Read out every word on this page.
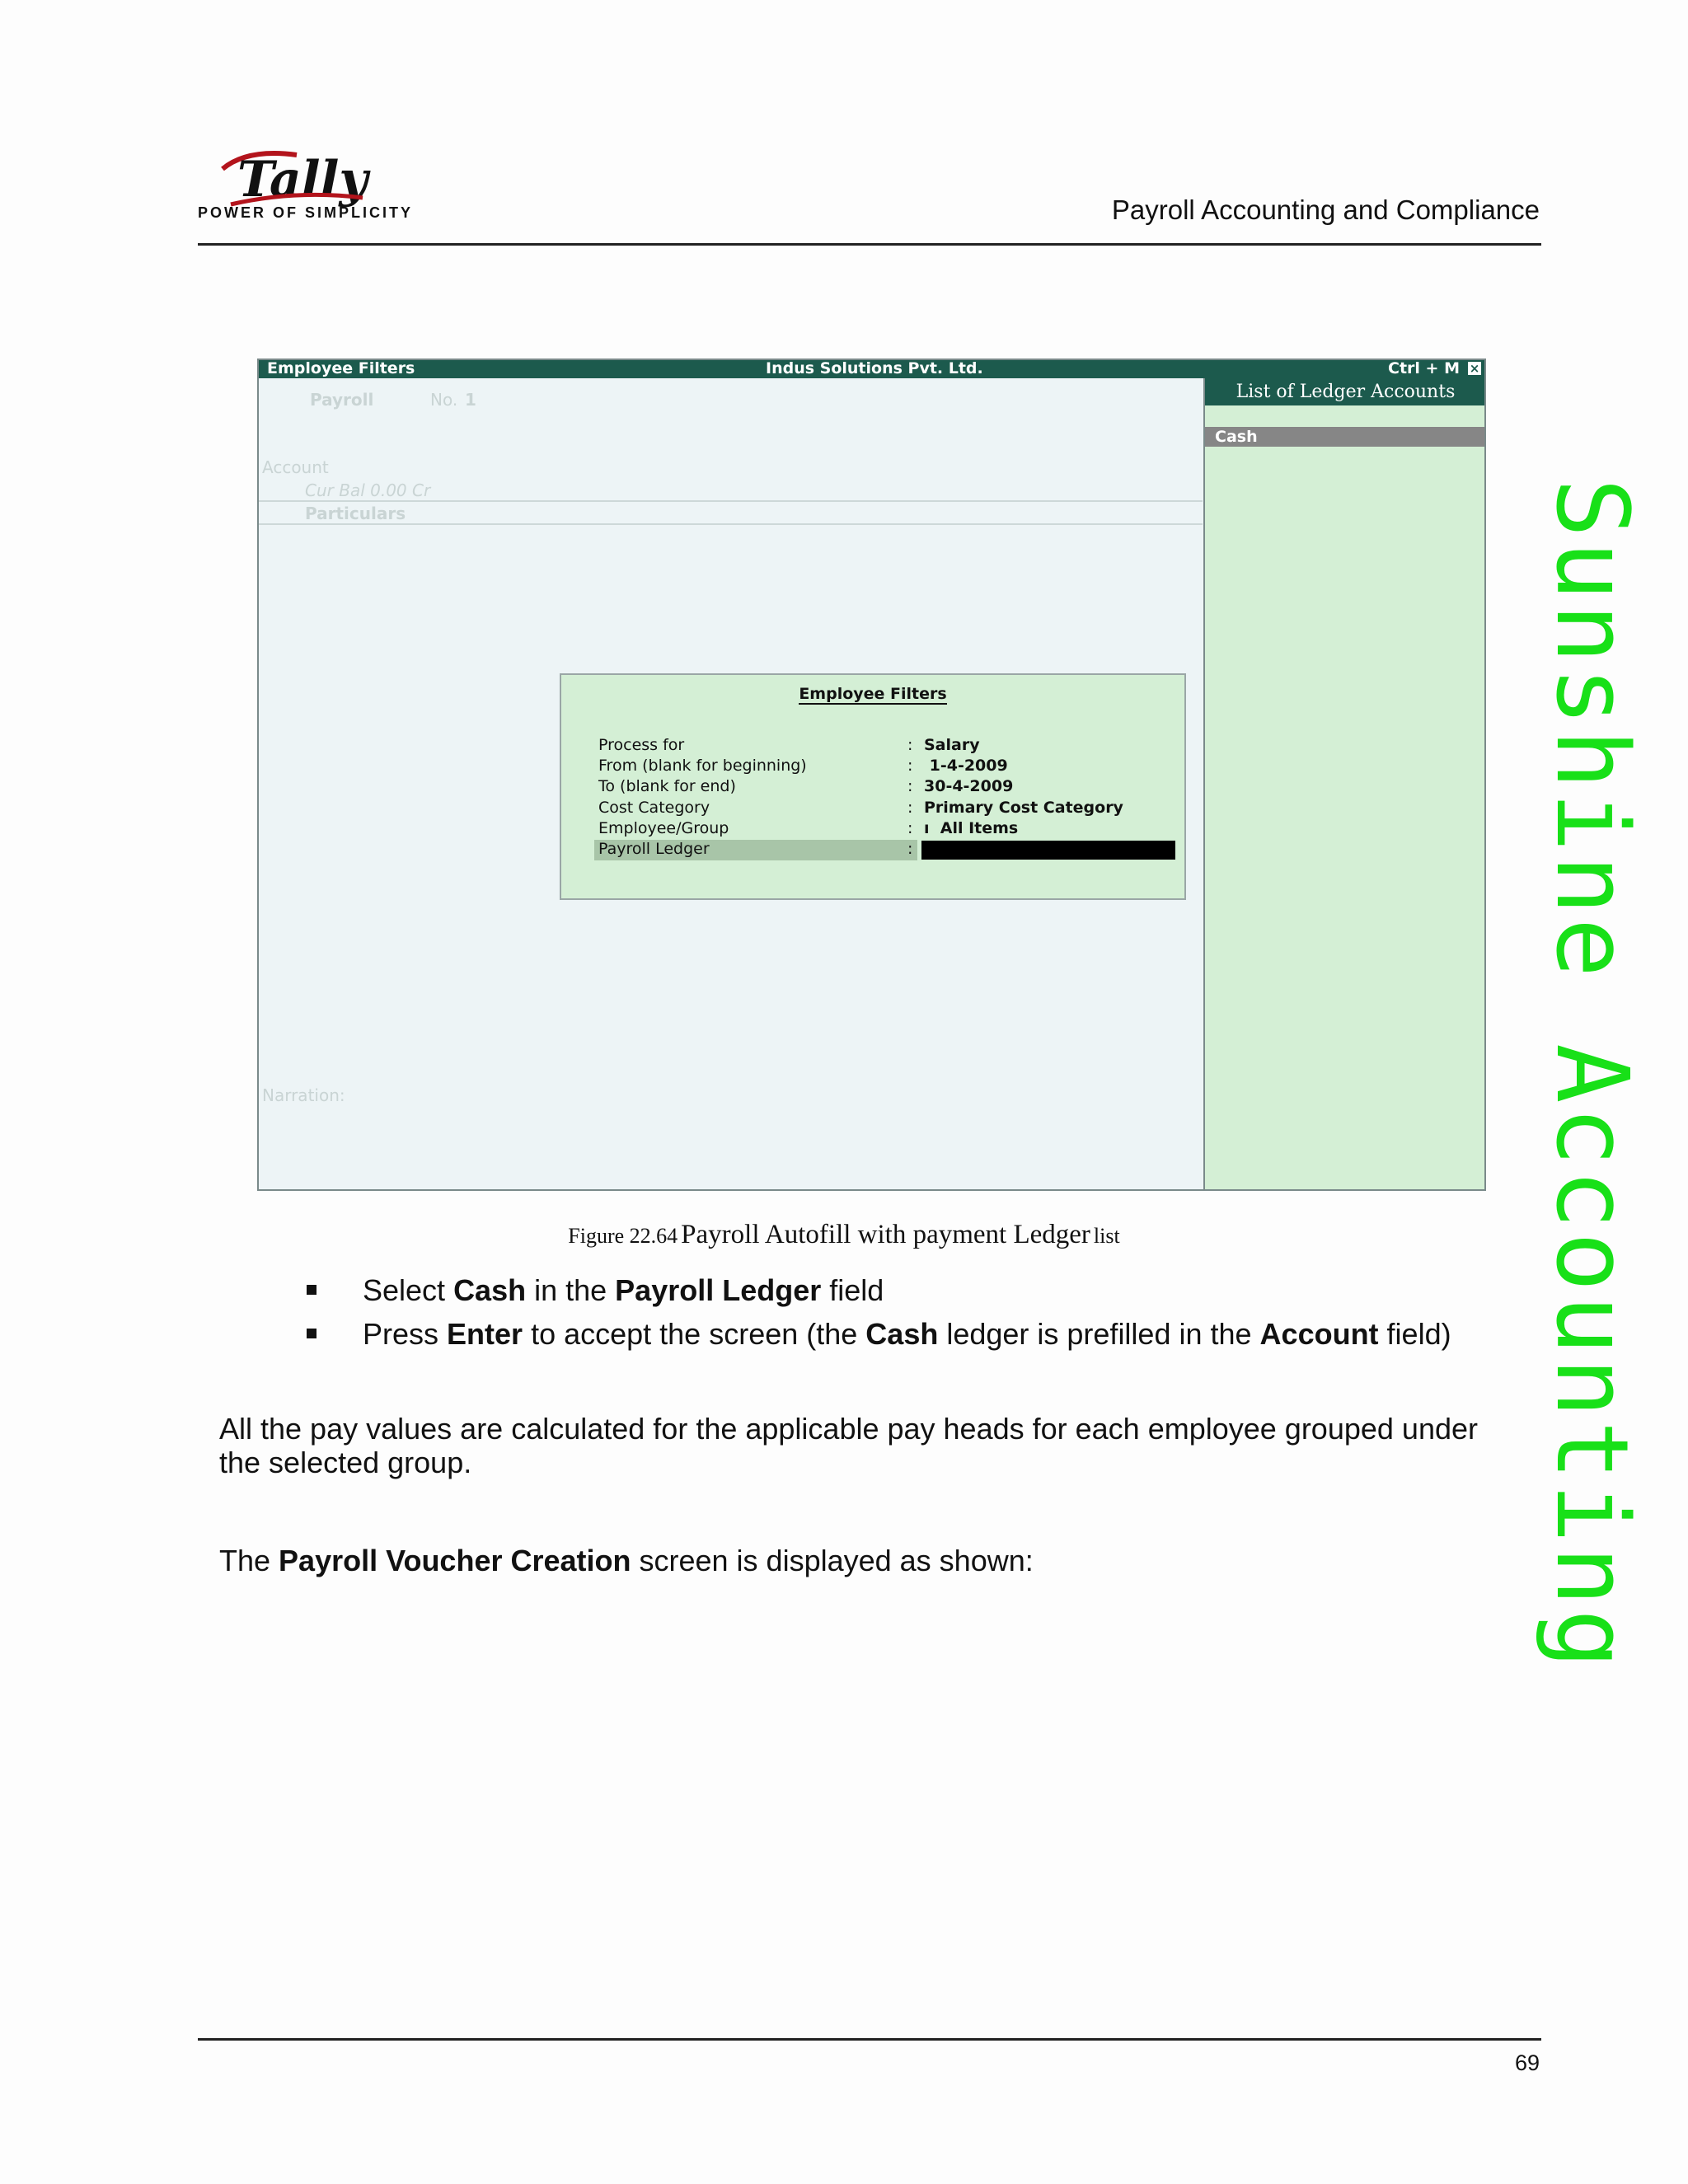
Tally
POWER OF SIMPLICITY	Payroll Accounting and Compliance
Employee Filters	Indus Solutions Pvt. Ltd.	Ctrl + M ×
Payroll	No. 1
Account
Cur Bal 0.00 Cr
Particulars
Narration:
List of Ledger Accounts
Cash
Employee Filters
Process for	: Salary
From (blank for beginning)	: 1-4-2009
To (blank for end)	: 30-4-2009
Cost Category	: Primary Cost Category
Employee/Group	: ı  All Items
Payroll Ledger	:
Figure 22.64 Payroll Autofill with payment Ledger list
Select Cash in the Payroll Ledger field
Press Enter to accept the screen (the Cash ledger is prefilled in the Account field)
All the pay values are calculated for the applicable pay heads for each employee grouped under the selected group.
The Payroll Voucher Creation screen is displayed as shown:	Sunshine Accounting
69
